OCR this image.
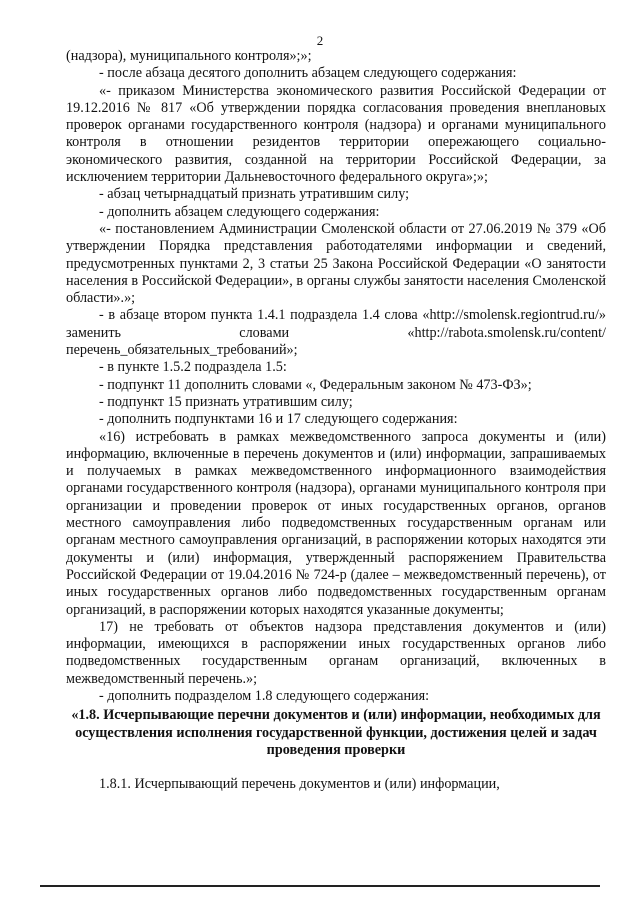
2

(надзора), муниципального контроля»;»;

- после абзаца десятого дополнить абзацем следующего содержания:

«- приказом Министерства экономического развития Российской Федерации от 19.12.2016 № 817 «Об утверждении порядка согласования проведения внеплановых проверок органами государственного контроля (надзора) и органами муниципального контроля в отношении резидентов территории опережающего социально-экономического развития, созданной на территории Российской Федерации, за исключением территории Дальневосточного федерального округа»;»;

- абзац четырнадцатый признать утратившим силу;

- дополнить абзацем следующего содержания:

«- постановлением Администрации Смоленской области от 27.06.2019 № 379 «Об утверждении Порядка представления работодателями информации и сведений, предусмотренных пунктами 2, 3 статьи 25 Закона Российской Федерации «О занятости населения в Российской Федерации», в органы службы занятости населения Смоленской области».»;

- в абзаце втором пункта 1.4.1 подраздела 1.4 слова «http://smolensk.regiontrud.ru/» заменить словами «http://rabota.smolensk.ru/content/перечень_обязательных_требований»;

- в пункте 1.5.2 подраздела 1.5:

- подпункт 11 дополнить словами «, Федеральным законом № 473-ФЗ»;

- подпункт 15 признать утратившим силу;

- дополнить подпунктами 16 и 17 следующего содержания:

«16) истребовать в рамках межведомственного запроса документы и (или) информацию, включенные в перечень документов и (или) информации, запрашиваемых и получаемых в рамках межведомственного информационного взаимодействия органами государственного контроля (надзора), органами муниципального контроля при организации и проведении проверок от иных государственных органов, органов местного самоуправления либо подведомственных государственным органам или органам местного самоуправления организаций, в распоряжении которых находятся эти документы и (или) информация, утвержденный распоряжением Правительства Российской Федерации от 19.04.2016 № 724-р (далее – межведомственный перечень), от иных государственных органов либо подведомственных государственным органам организаций, в распоряжении которых находятся указанные документы;

17) не требовать от объектов надзора представления документов и (или) информации, имеющихся в распоряжении иных государственных органов либо подведомственных государственным органам организаций, включенных в межведомственный перечень.»;

- дополнить подразделом 1.8 следующего содержания:

«1.8. Исчерпывающие перечни документов и (или) информации, необходимых для осуществления исполнения государственной функции, достижения целей и задач проведения проверки

1.8.1. Исчерпывающий перечень документов и (или) информации,
